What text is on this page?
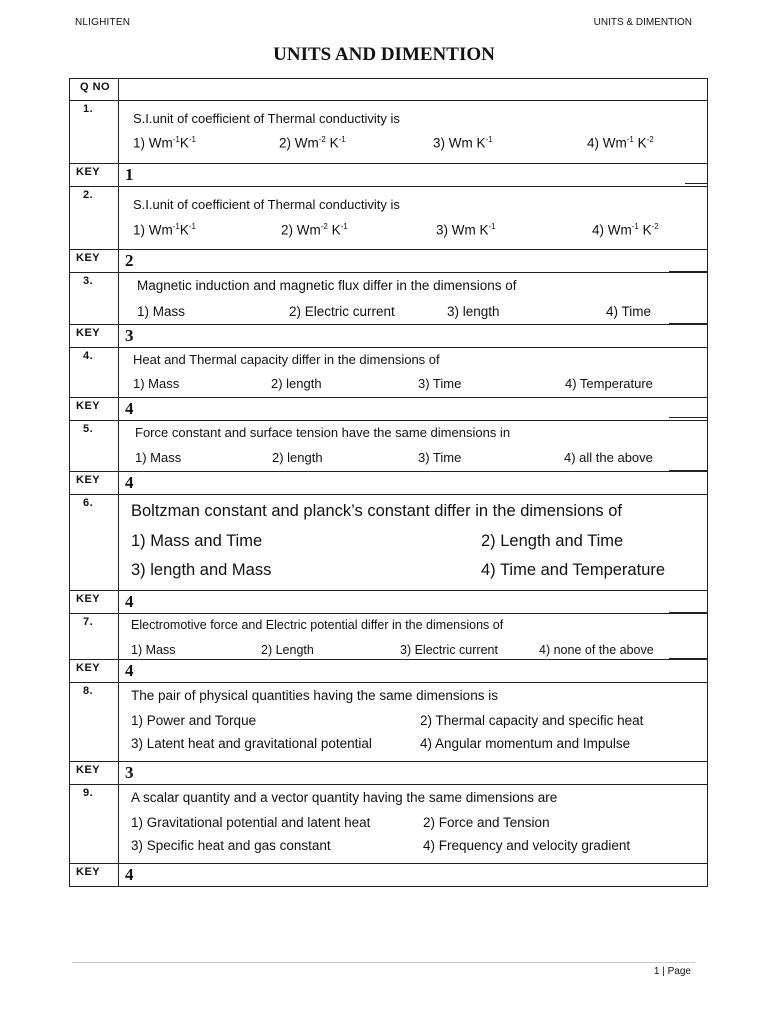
NLIGHITEN	UNITS & DIMENTION
UNITS AND DIMENTION
Q NO	

1.	S.I.unit of coefficient of Thermal conductivity is
1) $Wm^{-1}K^{-1}$ 2) $Wm^{-2}$ $K^{-1}$ 3) Wm $K^{-1}$ 4) $Wm^{-1}$ $K^{-2}$

KEY	1

2.	S.I.unit of coefficient of Thermal conductivity is
1) $Wm^{-1}K^{-1}$ 2) $Wm^{-2}$ $K^{-1}$ 3) Wm $K^{-1}$ 4) $Wm^{-1}$ $K^{-2}$

KEY	2

3.	Magnetic induction and magnetic flux differ in the dimensions of
1) Mass 2) Electric current 3) length 4) Time

KEY	3

4.	Heat and Thermal capacity differ in the dimensions of
1) Mass 2) length 3) Time 4) Temperature

KEY	4

5.	Force constant and surface tension have the same dimensions in
1) Mass 2) length 3) Time 4) all the above

KEY	4

6.	Boltzman constant and planck’s constant differ in the dimensions of
1) Mass and Time 2) Length and Time
3) length and Mass 4) Time and Temperature

KEY	4

7.	Electromotive force and Electric potential differ in the dimensions of
1) Mass 2) Length 3) Electric current 4) none of the above

KEY	4

8.	The pair of physical quantities having the same dimensions is
1) Power and Torque 2) Thermal capacity and specific heat
3) Latent heat and gravitational potential 4) Angular momentum and Impulse

KEY	3

9.	A scalar quantity and a vector quantity having the same dimensions are
1) Gravitational potential and latent heat 2) Force and Tension
3) Specific heat and gas constant 4) Frequency and velocity gradient

KEY	4
1 | Page
